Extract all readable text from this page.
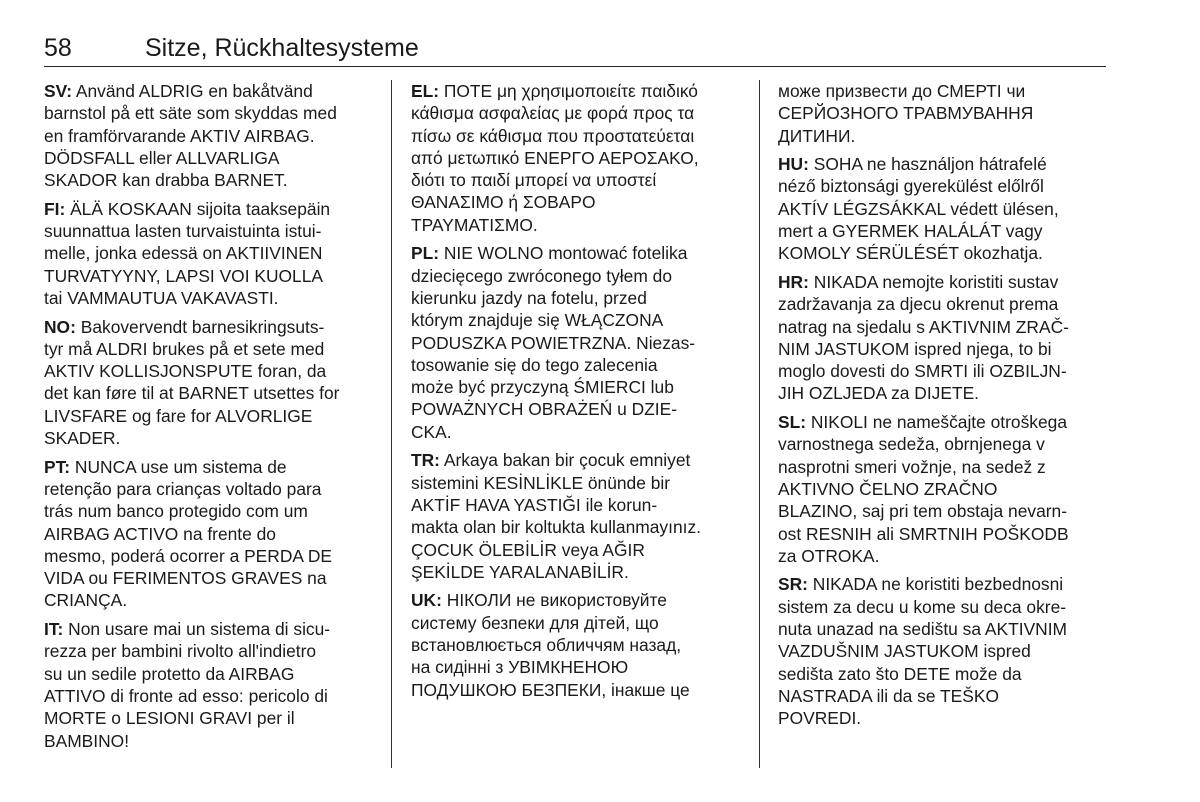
58	Sitze, Rückhaltesysteme

SV: Använd ALDRIG en bakåtvänd
barnstol på ett säte som skyddas med
en framförvarande AKTIV AIRBAG.
DÖDSFALL eller ALLVARLIGA
SKADOR kan drabba BARNET.

FI: ÄLÄ KOSKAAN sijoita taaksepäin
suunnattua lasten turvaistuinta istui-
melle, jonka edessä on AKTIIVINEN
TURVATYYNY, LAPSI VOI KUOLLA
tai VAMMAUTUA VAKAVASTI.

NO: Bakovervendt barnesikringsuts-
tyr må ALDRI brukes på et sete med
AKTIV KOLLISJONSPUTE foran, da
det kan føre til at BARNET utsettes for
LIVSFARE og fare for ALVORLIGE
SKADER.

PT: NUNCA use um sistema de
retenção para crianças voltado para
trás num banco protegido com um
AIRBAG ACTIVO na frente do
mesmo, poderá ocorrer a PERDA DE
VIDA ou FERIMENTOS GRAVES na
CRIANÇA.

IT: Non usare mai un sistema di sicu-
rezza per bambini rivolto all'indietro
su un sedile protetto da AIRBAG
ATTIVO di fronte ad esso: pericolo di
MORTE o LESIONI GRAVI per il
BAMBINO!

EL: ΠΟΤΕ μη χρησιμοποιείτε παιδικό
κάθισμα ασφαλείας με φορά προς τα
πίσω σε κάθισμα που προστατεύεται
από μετωπικό ΕΝΕΡΓΟ ΑΕΡΟΣΑΚΟ,
διότι το παιδί μπορεί να υποστεί
ΘΑΝΑΣΙΜΟ ή ΣΟΒΑΡΟ
ΤΡΑΥΜΑΤΙΣΜΟ.

PL: NIE WOLNO montować fotelika
dziecięcego zwróconego tyłem do
kierunku jazdy na fotelu, przed
którym znajduje się WŁĄCZONA
PODUSZKA POWIETRZNA. Niezas-
tosowanie się do tego zalecenia
może być przyczyną ŚMIERCI lub
POWAŻNYCH OBRAŻEŃ u DZIE-
CKA.

TR: Arkaya bakan bir çocuk emniyet
sistemini KESİNLİKLE önünde bir
AKTİF HAVA YASTIĞI ile korun-
makta olan bir koltukta kullanmayınız.
ÇOCUK ÖLEBİLİR veya AĞIR
ŞEKİLDE YARALANABİLİR.

UK: НІКОЛИ не використовуйте
систему безпеки для дітей, що
встановлюється обличчям назад,
на сидінні з УВІМКНЕНОЮ
ПОДУШКОЮ БЕЗПЕКИ, інакше це

може призвести до СМЕРТІ чи
СЕРЙОЗНОГО ТРАВМУВАННЯ
ДИТИНИ.

HU: SOHA ne használjon hátrafelé
néző biztonsági gyerekülést előlről
AKTÍV LÉGZSÁKKAL védett ülésen,
mert a GYERMEK HALÁLÁT vagy
KOMOLY SÉRÜLÉSÉT okozhatja.

HR: NIKADA nemojte koristiti sustav
zadržavanja za djecu okrenut prema
natrag na sjedalu s AKTIVNIM ZRAČ-
NIM JASTUKOM ispred njega, to bi
moglo dovesti do SMRTI ili OZBILJN-
JIH OZLJEDA za DIJETE.

SL: NIKOLI ne nameščajte otroškega
varnostnega sedeža, obrnjenega v
nasprotni smeri vožnje, na sedež z
AKTIVNO ČELNO ZRAČNO
BLAZINO, saj pri tem obstaja nevarn-
ost RESNIH ali SMRTNIH POŠKODB
za OTROKA.

SR: NIKADA ne koristiti bezbednosni
sistem za decu u kome su deca okre-
nuta unazad na sedištu sa AKTIVNIM
VAZDUŠNIM JASTUKOM ispred
sedišta zato što DETE može da
NASTRADA ili da se TEŠKO
POVREDI.
